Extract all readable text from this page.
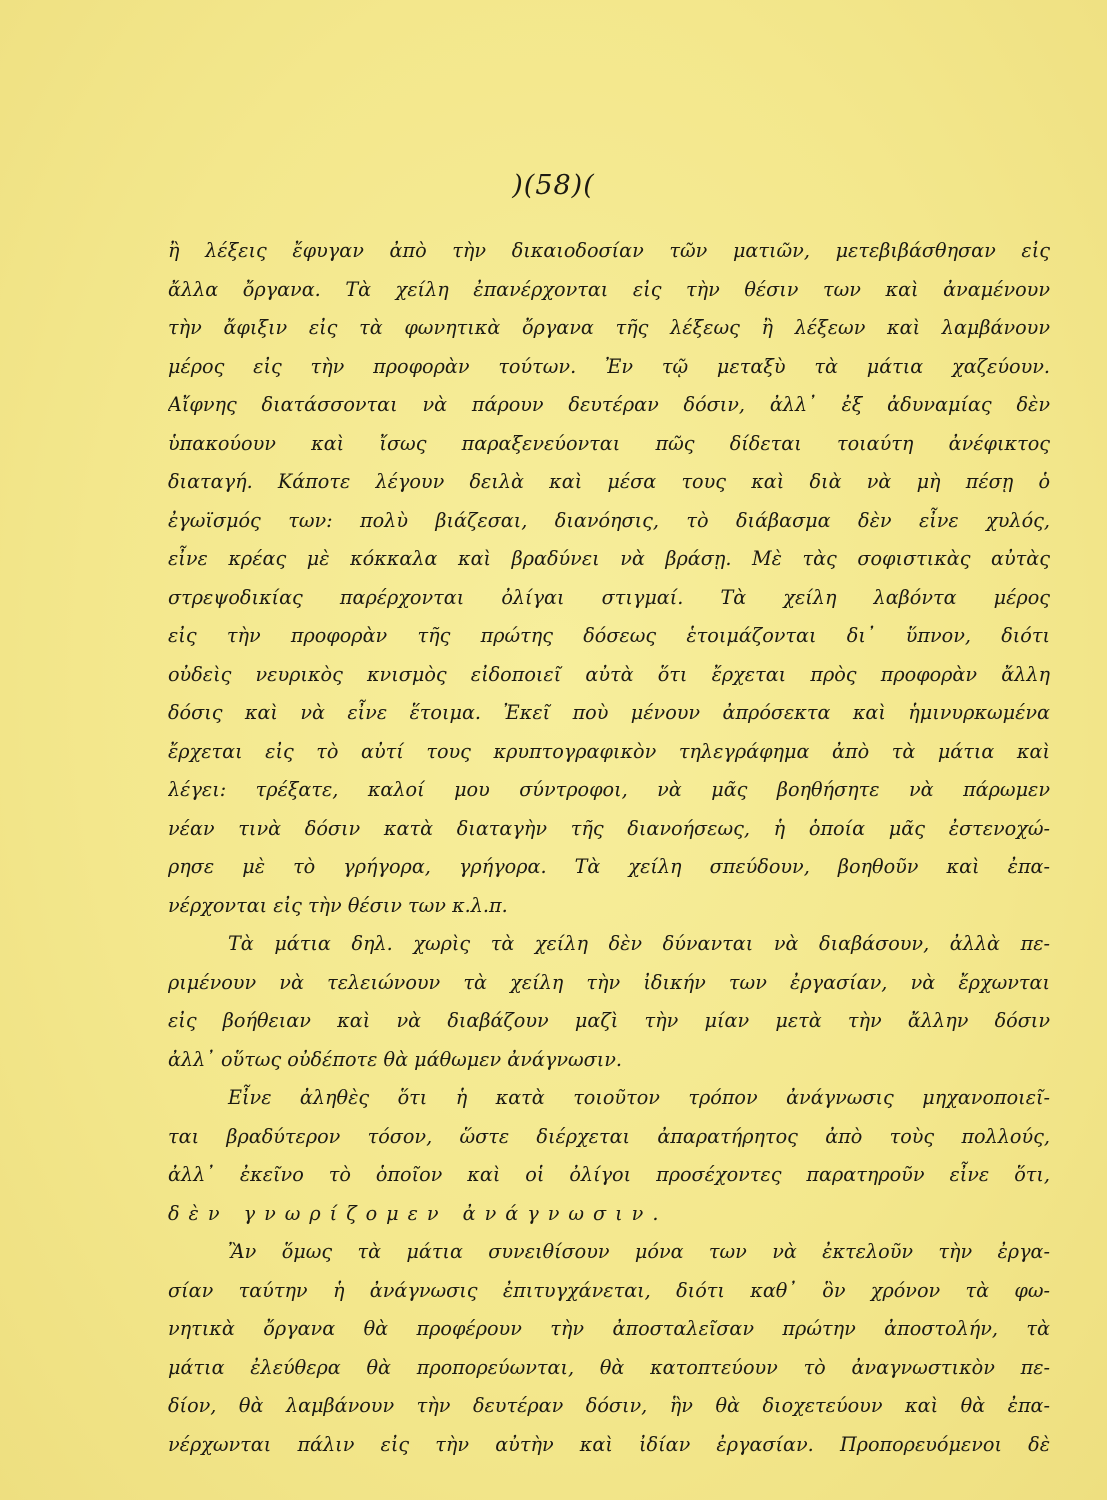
)(58)(
ἢ λέξεις ἔφυγαν ἀπὸ τὴν δικαιοδοσίαν τῶν ματιῶν, μετεβιβάσθησαν εἰς
ἄλλα ὄργανα. Τὰ χείλη ἐπανέρχονται εἰς τὴν θέσιν των καὶ ἀναμένουν
τὴν ἄφιξιν εἰς τὰ φωνητικὰ ὄργανα τῆς λέξεως ἢ λέξεων καὶ λαμβάνουν
μέρος εἰς τὴν προφορὰν τούτων. Ἐν τῷ μεταξὺ τὰ μάτια χαζεύουν.
Αἴφνης διατάσσονται νὰ πάρουν δευτέραν δόσιν, ἀλλ᾿ ἐξ ἀδυναμίας δὲν
ὑπακούουν καὶ ἴσως παραξενεύονται πῶς δίδεται τοιαύτη ἀνέφικτος
διαταγή. Κάποτε λέγουν δειλὰ καὶ μέσα τους καὶ διὰ νὰ μὴ πέσῃ ὁ
ἐγωϊσμός των: πολὺ βιάζεσαι, διανόησις, τὸ διάβασμα δὲν εἶνε χυλός,
εἶνε κρέας μὲ κόκκαλα καὶ βραδύνει νὰ βράσῃ. Μὲ τὰς σοφιστικὰς αὐτὰς
στρεψοδικίας παρέρχονται ὀλίγαι στιγμαί. Τὰ χείλη λαβόντα μέρος
εἰς τὴν προφορὰν τῆς πρώτης δόσεως ἑτοιμάζονται δι᾿ ὕπνον, διότι
οὐδεὶς νευρικὸς κνισμὸς εἰδοποιεῖ αὐτὰ ὅτι ἔρχεται πρὸς προφορὰν ἄλλη
δόσις καὶ νὰ εἶνε ἕτοιμα. Ἐκεῖ ποὺ μένουν ἀπρόσεκτα καὶ ἡμινυρκωμένα
ἔρχεται εἰς τὸ αὐτί τους κρυπτογραφικὸν τηλεγράφημα ἀπὸ τὰ μάτια καὶ
λέγει: τρέξατε, καλοί μου σύντροφοι, νὰ μᾶς βοηθήσητε νὰ πάρωμεν
νέαν τινὰ δόσιν κατὰ διαταγὴν τῆς διανοήσεως, ἡ ὁποία μᾶς ἐστενοχώ-
ρησε μὲ τὸ γρήγορα, γρήγορα. Τὰ χείλη σπεύδουν, βοηθοῦν καὶ ἐπα-
νέρχονται εἰς τὴν θέσιν των κ.λ.π.
Τὰ μάτια δηλ. χωρὶς τὰ χείλη δὲν δύνανται νὰ διαβάσουν, ἀλλὰ πε-
ριμένουν νὰ τελειώνουν τὰ χείλη τὴν ἰδικήν των ἐργασίαν, νὰ ἔρχωνται
εἰς βοήθειαν καὶ νὰ διαβάζουν μαζὶ τὴν μίαν μετὰ τὴν ἄλλην δόσιν
ἀλλ᾿ οὕτως οὐδέποτε θὰ μάθωμεν ἀνάγνωσιν.
Εἶνε ἀληθὲς ὅτι ἡ κατὰ τοιοῦτον τρόπον ἀνάγνωσις μηχανοποιεῖ-
ται βραδύτερον τόσον, ὥστε διέρχεται ἀπαρατήρητος ἀπὸ τοὺς πολλούς,
ἀλλ᾿ ἐκεῖνο τὸ ὁποῖον καὶ οἱ ὀλίγοι προσέχοντες παρατηροῦν εἶνε ὅτι,
δὲν γνωρίζομεν ἀνάγνωσιν.
Ἂν ὅμως τὰ μάτια συνειθίσουν μόνα των νὰ ἐκτελοῦν τὴν ἐργα-
σίαν ταύτην ἡ ἀνάγνωσις ἐπιτυγχάνεται, διότι καθ᾿ ὃν χρόνον τὰ φω-
νητικὰ ὄργανα θὰ προφέρουν τὴν ἀποσταλεῖσαν πρώτην ἀποστολήν, τὰ
μάτια ἐλεύθερα θὰ προπορεύωνται, θὰ κατοπτεύουν τὸ ἀναγνωστικὸν πε-
δίον, θὰ λαμβάνουν τὴν δευτέραν δόσιν, ἣν θὰ διοχετεύουν καὶ θὰ ἐπα-
νέρχωνται πάλιν εἰς τὴν αὐτὴν καὶ ἰδίαν ἐργασίαν. Προπορευόμενοι δὲ
